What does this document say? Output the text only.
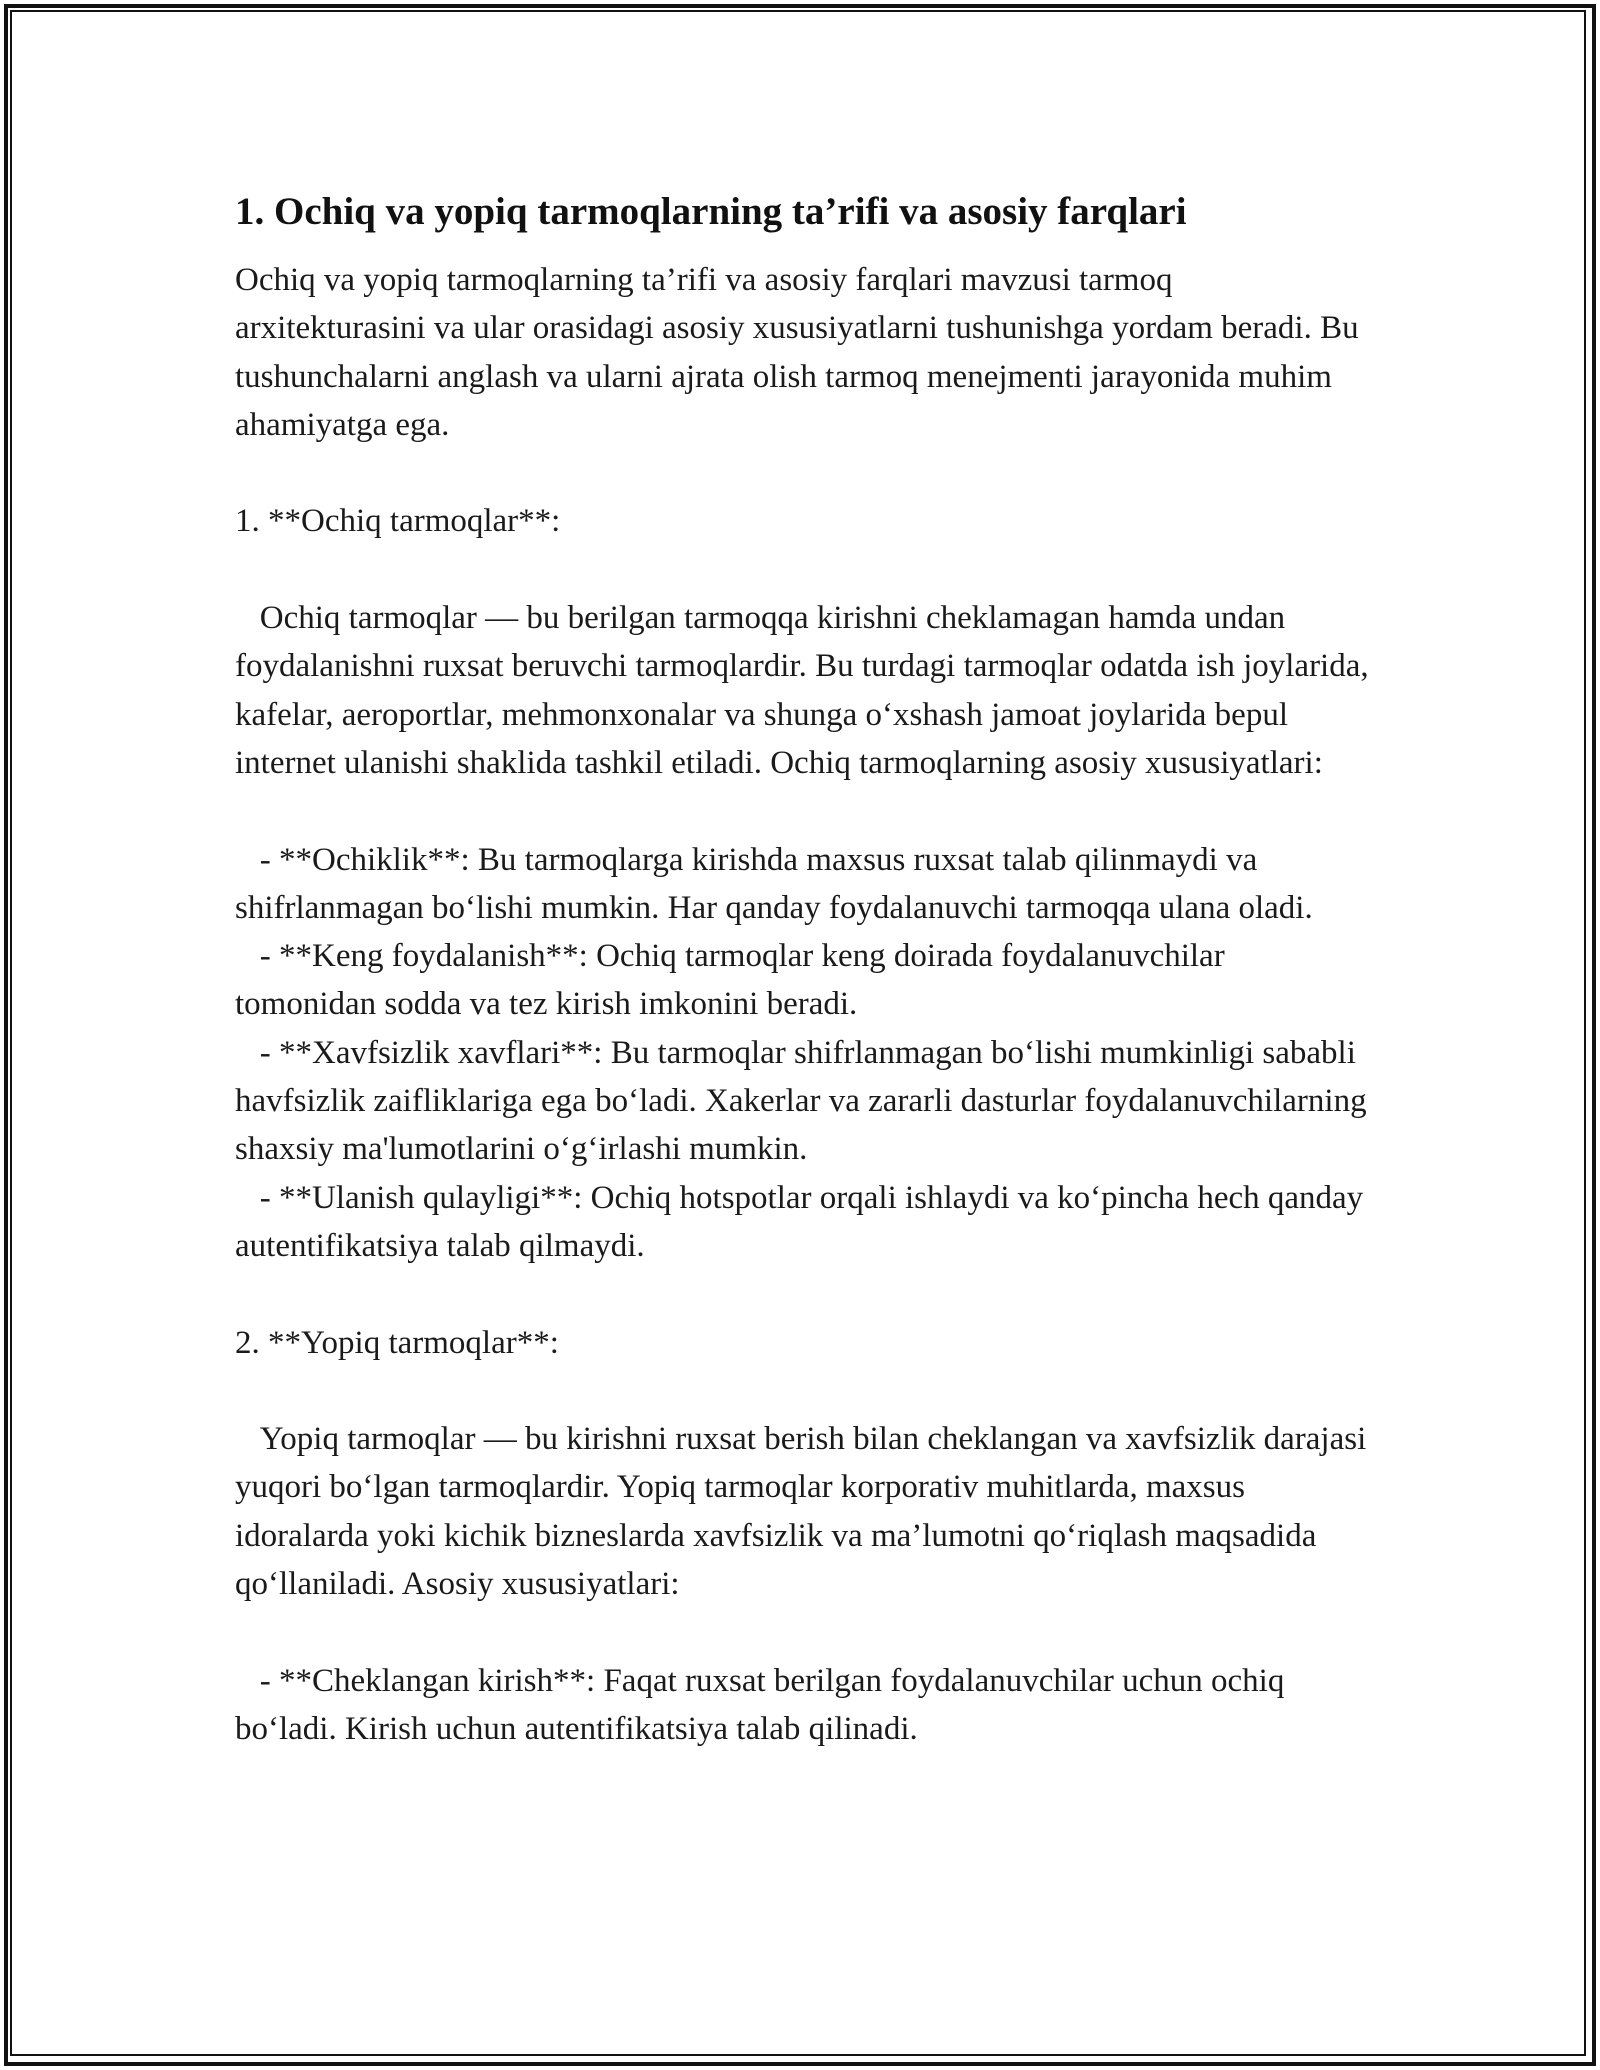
1. Ochiq va yopiq tarmoqlarning ta’rifi va asosiy farqlari

Ochiq va yopiq tarmoqlarning ta’rifi va asosiy farqlari mavzusi tarmoq arxitekturasini va ular orasidagi asosiy xususiyatlarni tushunishga yordam beradi. Bu tushunchalarni anglash va ularni ajrata olish tarmoq menejmenti jarayonida muhim ahamiyatga ega.

1. **Ochiq tarmoqlar**:

Ochiq tarmoqlar — bu berilgan tarmoqqa kirishni cheklamagan hamda undan foydalanishni ruxsat beruvchi tarmoqlardir. Bu turdagi tarmoqlar odatda ish joylarida, kafelar, aeroportlar, mehmonxonalar va shunga o‘xshash jamoat joylarida bepul internet ulanishi shaklida tashkil etiladi. Ochiq tarmoqlarning asosiy xususiyatlari:

- **Ochiklik**: Bu tarmoqlarga kirishda maxsus ruxsat talab qilinmaydi va shifrlanmagan bo‘lishi mumkin. Har qanday foydalanuvchi tarmoqqa ulana oladi.

- **Keng foydalanish**: Ochiq tarmoqlar keng doirada foydalanuvchilar tomonidan sodda va tez kirish imkonini beradi.

- **Xavfsizlik xavflari**: Bu tarmoqlar shifrlanmagan bo‘lishi mumkinligi sababli havfsizlik zaifliklariga ega bo‘ladi. Xakerlar va zararli dasturlar foydalanuvchilarning shaxsiy ma'lumotlarini o‘g‘irlashi mumkin.

- **Ulanish qulayligi**: Ochiq hotspotlar orqali ishlaydi va ko‘pincha hech qanday autentifikatsiya talab qilmaydi.

2. **Yopiq tarmoqlar**:

Yopiq tarmoqlar — bu kirishni ruxsat berish bilan cheklangan va xavfsizlik darajasi yuqori bo‘lgan tarmoqlardir. Yopiq tarmoqlar korporativ muhitlarda, maxsus idoralarda yoki kichik bizneslarda xavfsizlik va ma’lumotni qo‘riqlash maqsadida qo‘llaniladi. Asosiy xususiyatlari:

- **Cheklangan kirish**: Faqat ruxsat berilgan foydalanuvchilar uchun ochiq bo‘ladi. Kirish uchun autentifikatsiya talab qilinadi.
